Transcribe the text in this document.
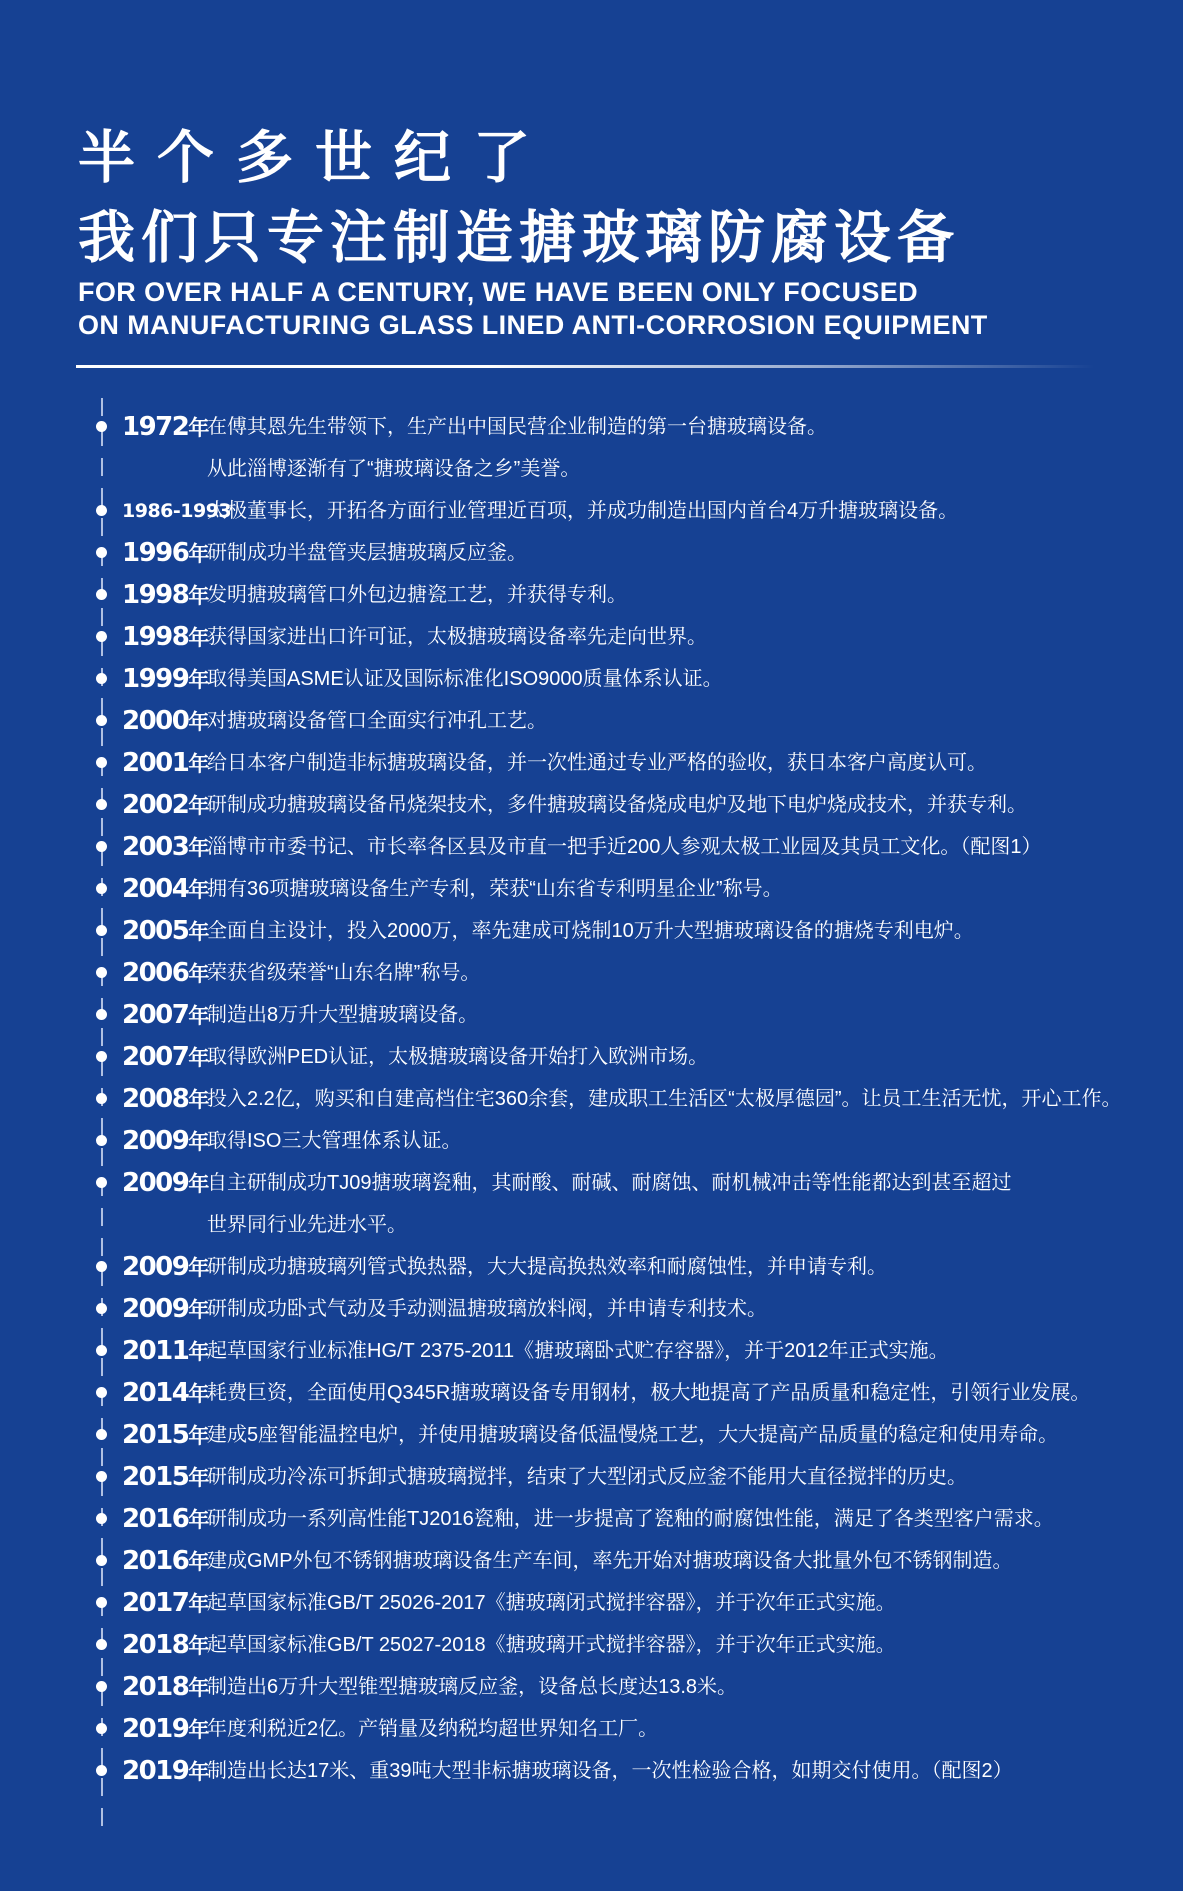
半个多世纪了
我们只专注制造搪玻璃防腐设备
FOR OVER HALF A CENTURY, WE HAVE BEEN ONLY FOCUSED
ON MANUFACTURING GLASS LINED ANTI-CORROSION EQUIPMENT
1972年
在傅其恩先生带领下，生产出中国民营企业制造的第一台搪玻璃设备。
从此淄博逐渐有了“搪玻璃设备之乡”美誉。
1986-1993
太极董事长，开拓各方面行业管理近百项，并成功制造出国内首台4万升搪玻璃设备。
1996年
研制成功半盘管夹层搪玻璃反应釜。
1998年
发明搪玻璃管口外包边搪瓷工艺，并获得专利。
1998年
获得国家进出口许可证，太极搪玻璃设备率先走向世界。
1999年
取得美国ASME认证及国际标准化ISO9000质量体系认证。
2000年
对搪玻璃设备管口全面实行冲孔工艺。
2001年
给日本客户制造非标搪玻璃设备，并一次性通过专业严格的验收，获日本客户高度认可。
2002年
研制成功搪玻璃设备吊烧架技术，多件搪玻璃设备烧成电炉及地下电炉烧成技术，并获专利。
2003年
淄博市市委书记、市长率各区县及市直一把手近200人参观太极工业园及其员工文化。（配图1）
2004年
拥有36项搪玻璃设备生产专利，荣获“山东省专利明星企业”称号。
2005年
全面自主设计，投入2000万，率先建成可烧制10万升大型搪玻璃设备的搪烧专利电炉。
2006年
荣获省级荣誉“山东名牌”称号。
2007年
制造出8万升大型搪玻璃设备。
2007年
取得欧洲PED认证，太极搪玻璃设备开始打入欧洲市场。
2008年
投入2.2亿，购买和自建高档住宅360余套，建成职工生活区“太极厚德园”。让员工生活无忧，开心工作。
2009年
取得ISO三大管理体系认证。
2009年
自主研制成功TJ09搪玻璃瓷釉，其耐酸、耐碱、耐腐蚀、耐机械冲击等性能都达到甚至超过
世界同行业先进水平。
2009年
研制成功搪玻璃列管式换热器，大大提高换热效率和耐腐蚀性，并申请专利。
2009年
研制成功卧式气动及手动测温搪玻璃放料阀，并申请专利技术。
2011年
起草国家行业标准HG/T 2375-2011《搪玻璃卧式贮存容器》，并于2012年正式实施。
2014年
耗费巨资，全面使用Q345R搪玻璃设备专用钢材，极大地提高了产品质量和稳定性，引领行业发展。
2015年
建成5座智能温控电炉，并使用搪玻璃设备低温慢烧工艺，大大提高产品质量的稳定和使用寿命。
2015年
研制成功冷冻可拆卸式搪玻璃搅拌，结束了大型闭式反应釜不能用大直径搅拌的历史。
2016年
研制成功一系列高性能TJ2016瓷釉，进一步提高了瓷釉的耐腐蚀性能，满足了各类型客户需求。
2016年
建成GMP外包不锈钢搪玻璃设备生产车间，率先开始对搪玻璃设备大批量外包不锈钢制造。
2017年
起草国家标准GB/T 25026-2017《搪玻璃闭式搅拌容器》，并于次年正式实施。
2018年
起草国家标准GB/T 25027-2018《搪玻璃开式搅拌容器》，并于次年正式实施。
2018年
制造出6万升大型锥型搪玻璃反应釜，设备总长度达13.8米。
2019年
年度利税近2亿。产销量及纳税均超世界知名工厂。
2019年
制造出长达17米、重39吨大型非标搪玻璃设备，一次性检验合格，如期交付使用。（配图2）
